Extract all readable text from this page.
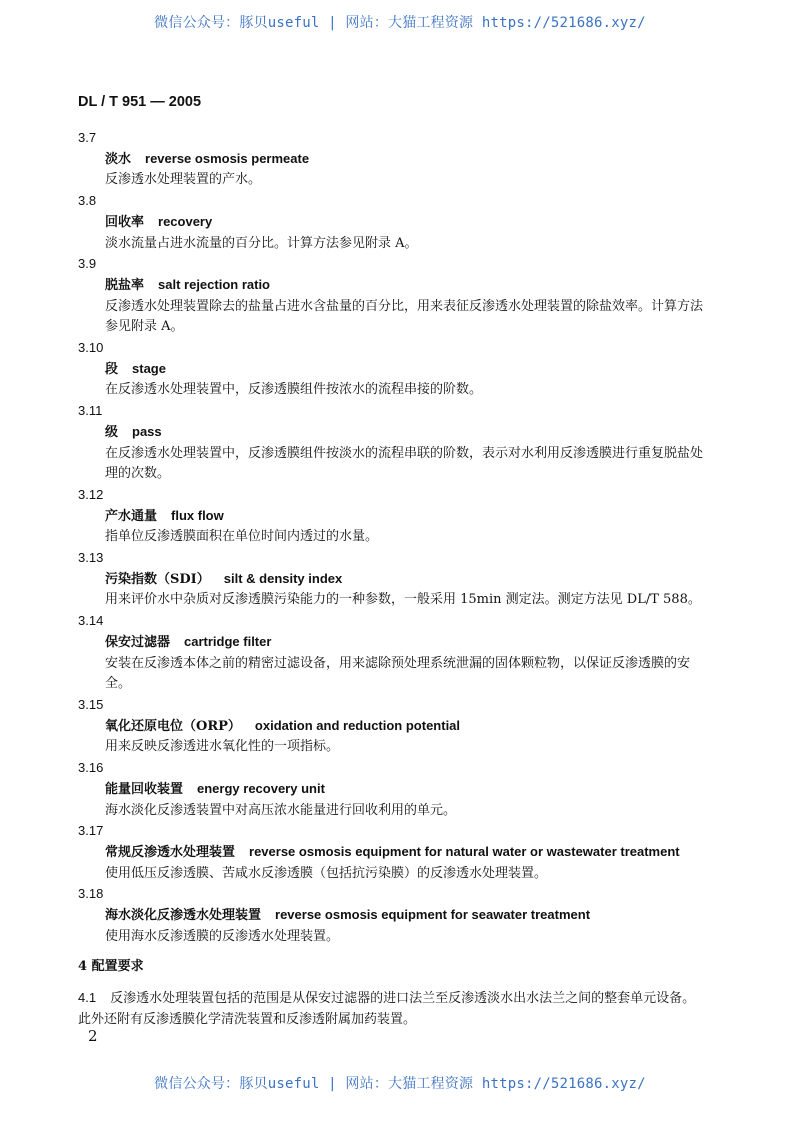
微信公众号：豚贝useful | 网站：大猫工程资源 https://521686.xyz/
DL / T 951 — 2005
3.7
淡水 reverse osmosis permeate
反渗透水处理装置的产水。
3.8
回收率 recovery
淡水流量占进水流量的百分比。计算方法参见附录 A。
3.9
脱盐率 salt rejection ratio
反渗透水处理装置除去的盐量占进水含盐量的百分比，用来表征反渗透水处理装置的除盐效率。计算方法参见附录 A。
3.10
段 stage
在反渗透水处理装置中，反渗透膜组件按浓水的流程串接的阶数。
3.11
级 pass
在反渗透水处理装置中，反渗透膜组件按淡水的流程串联的阶数，表示对水利用反渗透膜进行重复脱盐处理的次数。
3.12
产水通量 flux flow
指单位反渗透膜面积在单位时间内透过的水量。
3.13
污染指数（SDI） silt & density index
用来评价水中杂质对反渗透膜污染能力的一种参数，一般采用 15min 测定法。测定方法见 DL/T 588。
3.14
保安过滤器 cartridge filter
安装在反渗透本体之前的精密过滤设备，用来滤除预处理系统泄漏的固体颗粒物，以保证反渗透膜的安全。
3.15
氧化还原电位（ORP） oxidation and reduction potential
用来反映反渗透进水氧化性的一项指标。
3.16
能量回收装置 energy recovery unit
海水淡化反渗透装置中对高压浓水能量进行回收利用的单元。
3.17
常规反渗透水处理装置 reverse osmosis equipment for natural water or wastewater treatment
使用低压反渗透膜、苦咸水反渗透膜（包括抗污染膜）的反渗透水处理装置。
3.18
海水淡化反渗透水处理装置 reverse osmosis equipment for seawater treatment
使用海水反渗透膜的反渗透水处理装置。
4 配置要求
4.1 反渗透水处理装置包括的范围是从保安过滤器的进口法兰至反渗透淡水出水法兰之间的整套单元设备。此外还附有反渗透膜化学清洗装置和反渗透附属加药装置。
2
微信公众号：豚贝useful | 网站：大猫工程资源 https://521686.xyz/
